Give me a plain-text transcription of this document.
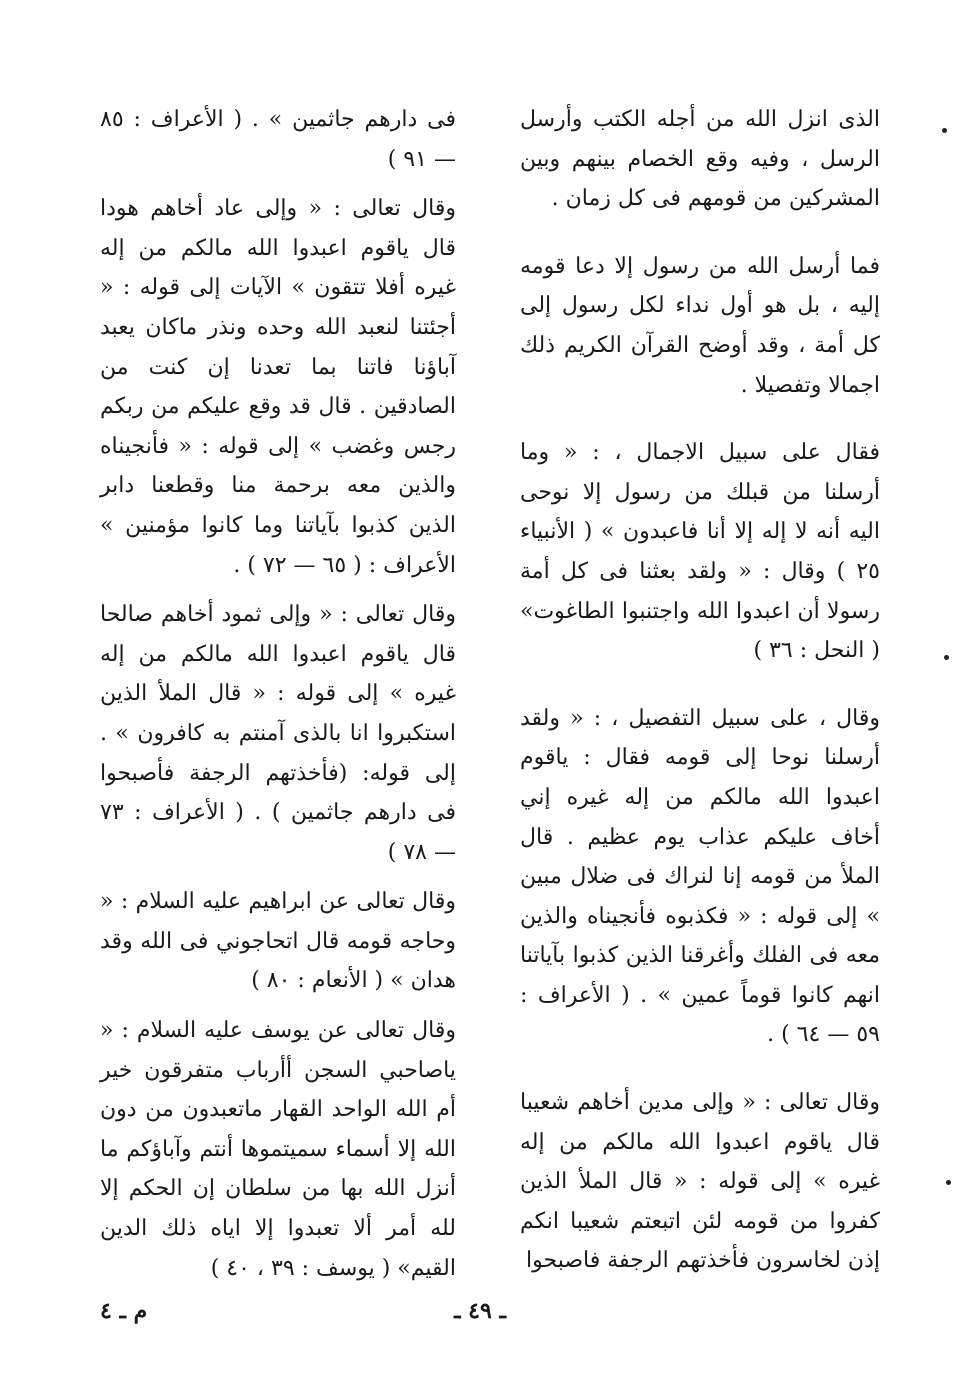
الذى انزل الله من أجله الكتب وأرسل الرسل ، وفيه وقع الخصام بينهم وبين المشركين من قومهم فى كل زمان .

فما أرسل الله من رسول إلا دعا قومه إليه ، بل هو أول نداء لكل رسول إلى كل أمة ، وقد أوضح القرآن الكريم ذلك اجمالا وتفصيلا .

فقال على سبيل الاجمال ، : « وما أرسلنا من قبلك من رسول إلا نوحى اليه أنه لا إله إلا أنا فاعبدون » ( الأنبياء ٢٥ ) وقال : « ولقد بعثنا فى كل أمة رسولا أن اعبدوا الله واجتنبوا الطاغوت» ( النحل : ٣٦ )

وقال ، على سبيل التفصيل ، : « ولقد أرسلنا نوحا إلى قومه فقال : ياقوم اعبدوا الله مالكم من إله غيره إني أخاف عليكم عذاب يوم عظيم . قال الملأ من قومه إنا لنراك فى ضلال مبين » إلى قوله : « فكذبوه فأنجيناه والذين معه فى الفلك وأغرقنا الذين كذبوا بآياتنا انهم كانوا قوماً عمين » . ( الأعراف : ٥٩ — ٦٤ ) .

وقال تعالى : « وإلى مدين أخاهم شعيبا قال ياقوم اعبدوا الله مالكم من إله غيره » إلى قوله : « قال الملأ الذين كفروا من قومه لئن اتبعتم شعيبا انكم إذن لخاسرون فأخذتهم الرجفة فاصبحوا

فى دارهم جاثمين » . ( الأعراف : ٨٥ — ٩١ )

وقال تعالى : « وإلى عاد أخاهم هودا قال ياقوم اعبدوا الله مالكم من إله غيره أفلا تتقون » الآيات إلى قوله : « أجئتنا لنعبد الله وحده ونذر ماكان يعبد آباؤنا فاتنا بما تعدنا إن كنت من الصادقين . قال قد وقع عليكم من ربكم رجس وغضب » إلى قوله : « فأنجيناه والذين معه برحمة منا وقطعنا دابر الذين كذبوا بآياتنا وما كانوا مؤمنين » الأعراف : ( ٦٥ — ٧٢ ) .

وقال تعالى : « وإلى ثمود أخاهم صالحا قال ياقوم اعبدوا الله مالكم من إله غيره » إلى قوله : « قال الملأ الذين استكبروا انا بالذى آمنتم به كافرون » . إلى قوله: (فأخذتهم الرجفة فأصبحوا فى دارهم جاثمين ) . ( الأعراف : ٧٣ — ٧٨ )

وقال تعالى عن ابراهيم عليه السلام : « وحاجه قومه قال اتحاجوني فى الله وقد هدان » ( الأنعام : ٨٠ )

وقال تعالى عن يوسف عليه السلام : « ياصاحبي السجن أأرباب متفرقون خير أم الله الواحد القهار ماتعبدون من دون الله إلا أسماء سميتموها أنتم وآباؤكم ما أنزل الله بها من سلطان إن الحكم إلا لله أمر ألا تعبدوا إلا اياه ذلك الدين القيم» ( يوسف : ٣٩ ، ٤٠ )

ـ ٤٩ ـ
م ـ ٤
